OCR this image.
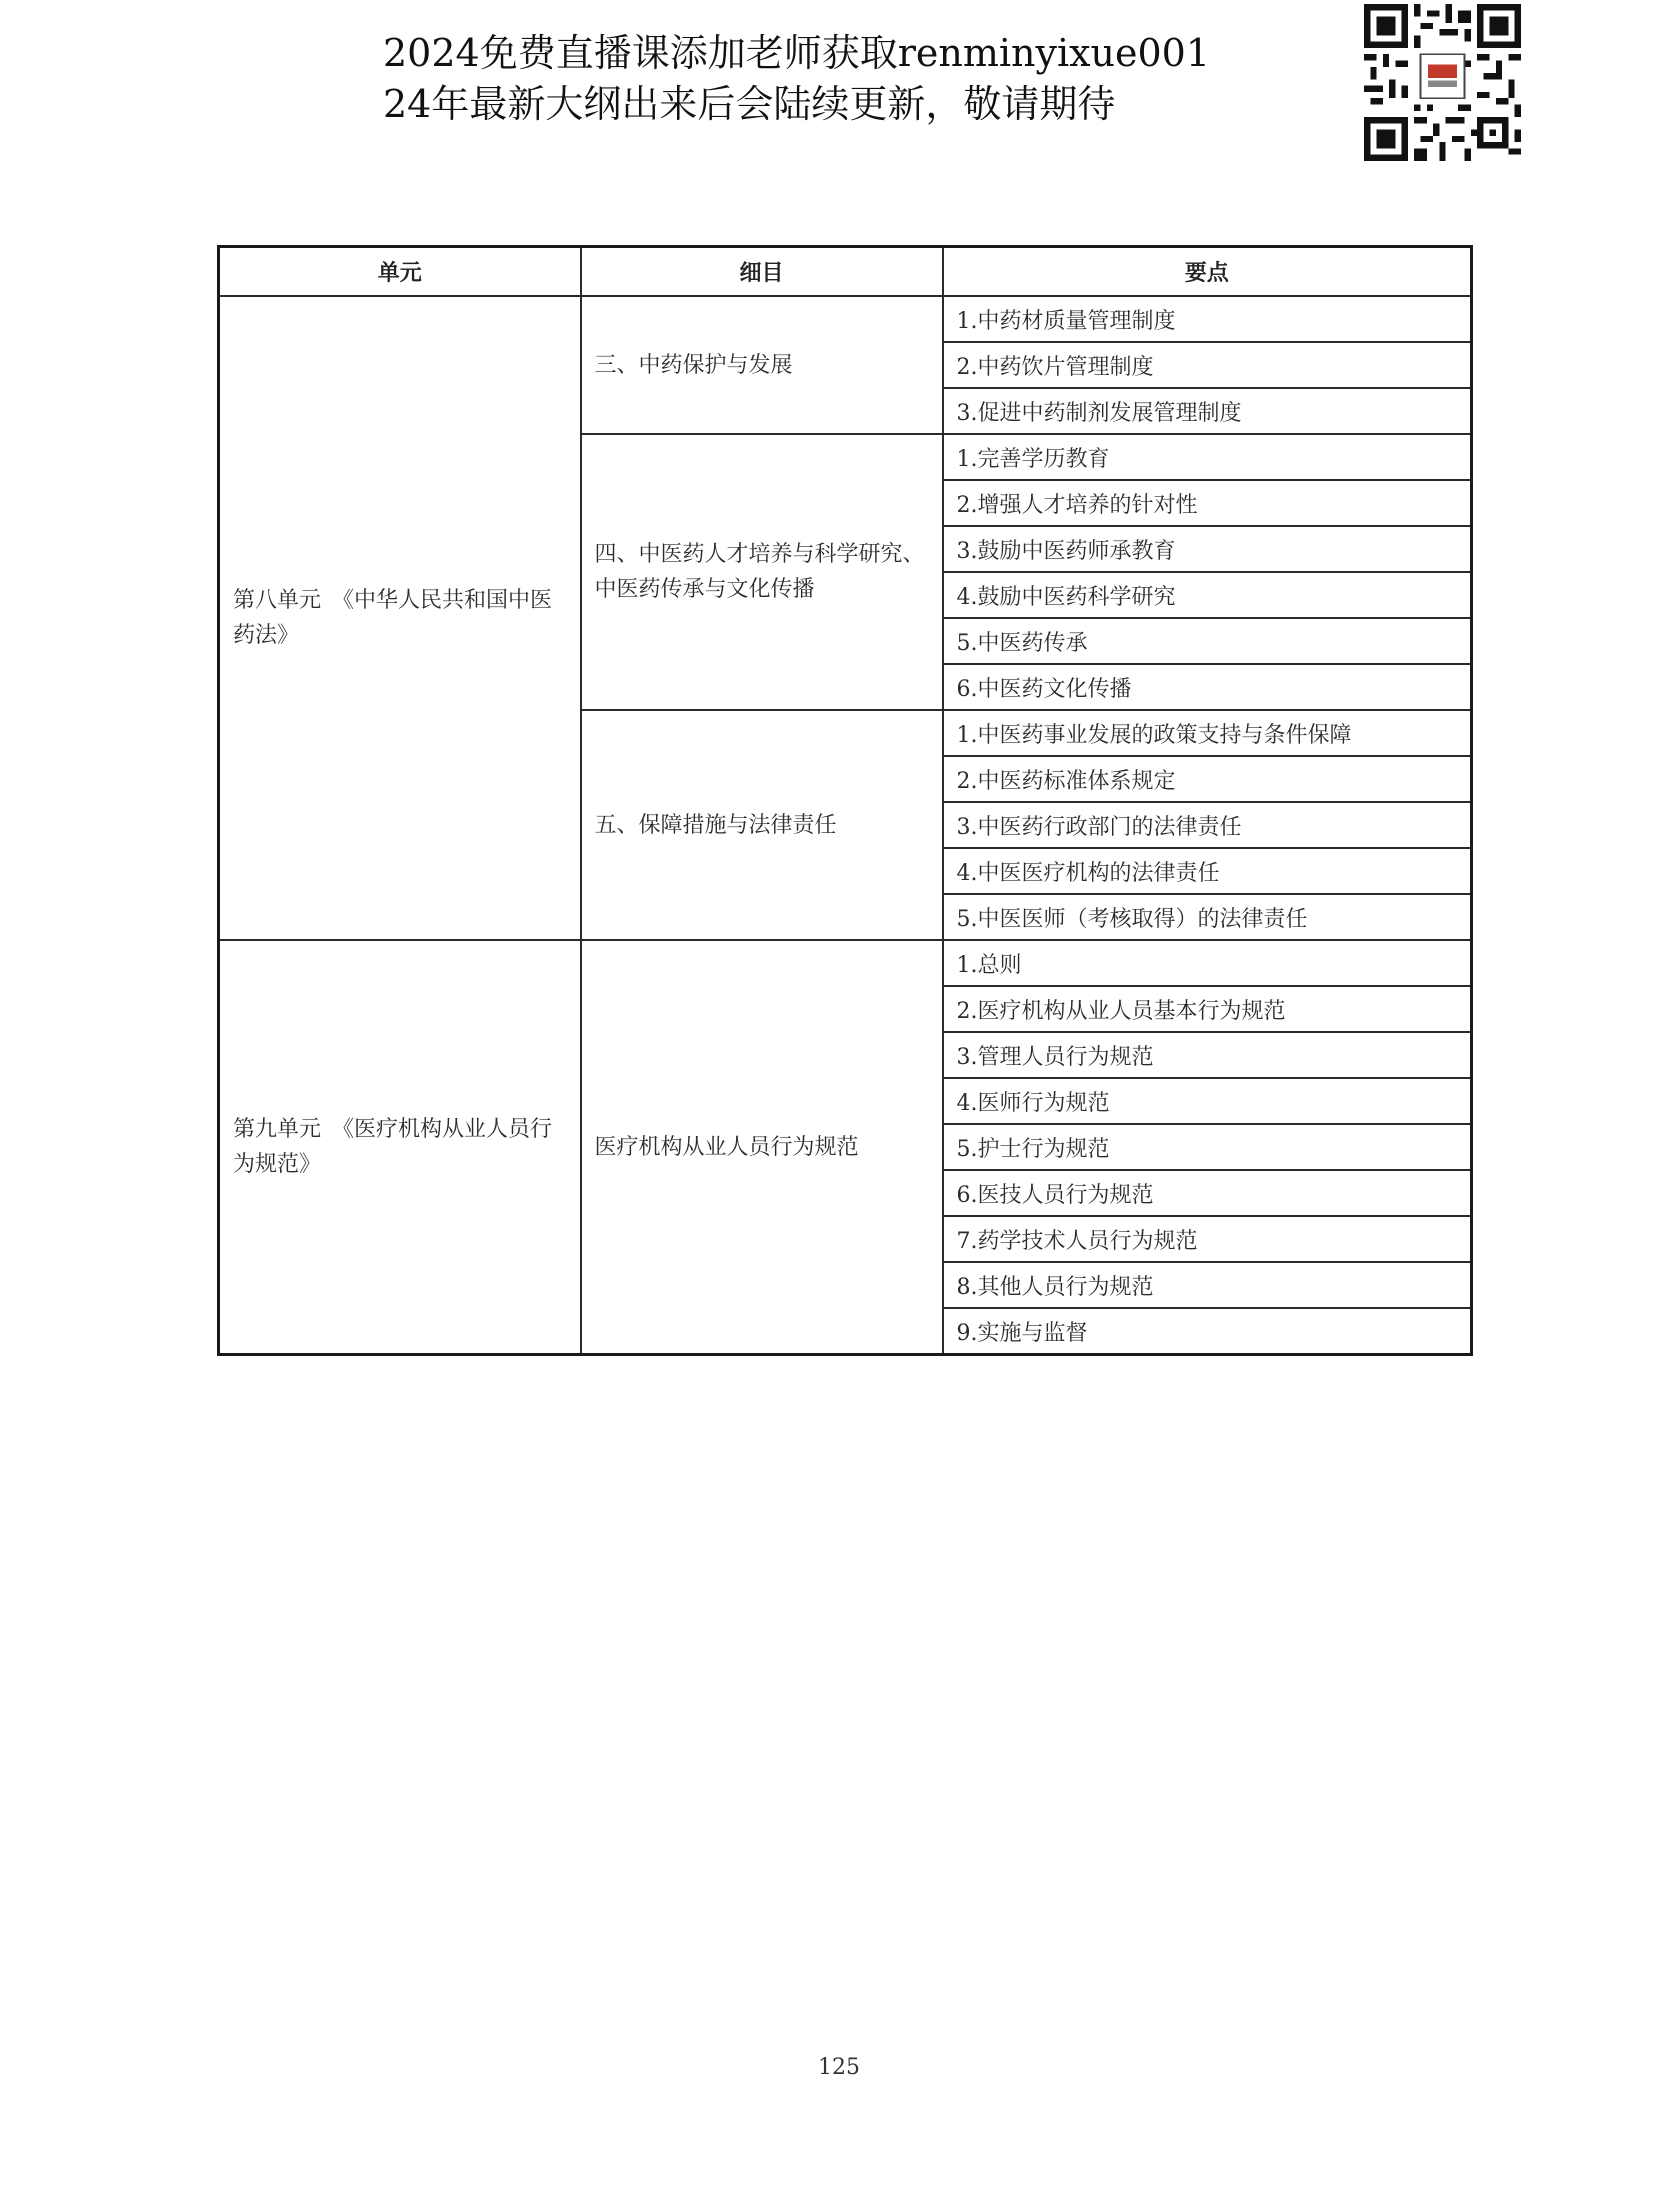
2024免费直播课添加老师获取renminyixue001
24年最新大纲出来后会陆续更新，敬请期待
单元	细目	要点
第八单元　《中华人民共和国中医药法》	三、中药保护与发展	1.中药材质量管理制度
		2.中药饮片管理制度
		3.促进中药制剂发展管理制度
	四、中医药人才培养与科学研究、中医药传承与文化传播	1.完善学历教育
		2.增强人才培养的针对性
		3.鼓励中医药师承教育
		4.鼓励中医药科学研究
		5.中医药传承
		6.中医药文化传播
	五、保障措施与法律责任	1.中医药事业发展的政策支持与条件保障
		2.中医药标准体系规定
		3.中医药行政部门的法律责任
		4.中医医疗机构的法律责任
		5.中医医师（考核取得）的法律责任
第九单元　《医疗机构从业人员行为规范》	医疗机构从业人员行为规范	1.总则
		2.医疗机构从业人员基本行为规范
		3.管理人员行为规范
		4.医师行为规范
		5.护士行为规范
		6.医技人员行为规范
		7.药学技术人员行为规范
		8.其他人员行为规范
		9.实施与监督
125
